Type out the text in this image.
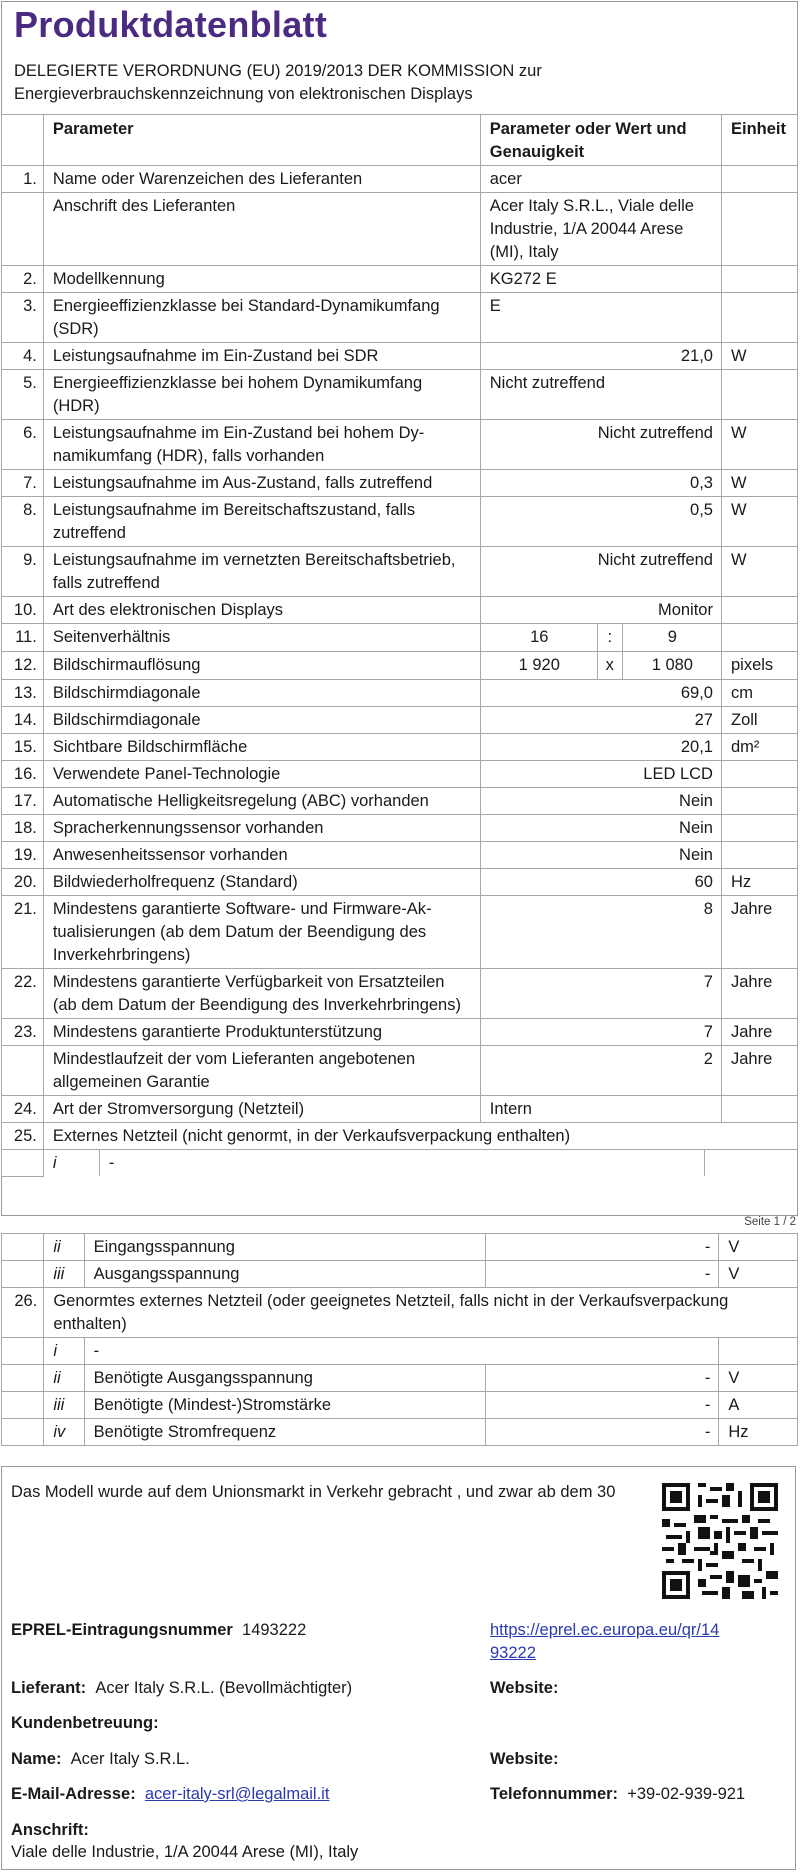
Produktdatenblatt
DELEGIERTE VERORDNUNG (EU) 2019/2013 DER KOMMISSION zur
Energieverbrauchskennzeichnung von elektronischen Displays
	Parameter	Parameter oder Wert und Genauigkeit	Einheit
1.	Name oder Warenzeichen des Lieferanten	acer	
	Anschrift des Lieferanten	Acer Italy S.R.L., Viale delle Industrie, 1/A 20044 Arese (MI), Italy	
2.	Modellkennung	KG272 E	
3.	Energieeffizienzklasse bei Standard-Dynamikumfang (SDR)	E	
4.	Leistungsaufnahme im Ein-Zustand bei SDR	21,0	W
5.	Energieeffizienzklasse bei hohem Dynamikumfang (HDR)	Nicht zutreffend	
6.	Leistungsaufnahme im Ein-Zustand bei hohem Dynamikumfang (HDR), falls vorhanden	Nicht zutreffend	W
7.	Leistungsaufnahme im Aus-Zustand, falls zutreffend	0,3	W
8.	Leistungsaufnahme im Bereitschaftszustand, falls zutreffend	0,5	W
9.	Leistungsaufnahme im vernetzten Bereitschaftsbetrieb, falls zutreffend	Nicht zutreffend	W
10.	Art des elektronischen Displays	Monitor	
11.	Seitenverhältnis	16	:	9	
12.	Bildschirmauflösung	1 920	x	1 080	pixels
13.	Bildschirmdiagonale	69,0	cm
14.	Bildschirmdiagonale	27	Zoll
15.	Sichtbare Bildschirmfläche	20,1	dm²
16.	Verwendete Panel-Technologie	LED LCD	
17.	Automatische Helligkeitsregelung (ABC) vorhanden	Nein	
18.	Spracherkennungssensor vorhanden	Nein	
19.	Anwesenheitssensor vorhanden	Nein	
20.	Bildwiederholfrequenz (Standard)	60	Hz
21.	Mindestens garantierte Software- und Firmware-Aktualisierungen (ab dem Datum der Beendigung des Inverkehrbringens)	8	Jahre
22.	Mindestens garantierte Verfügbarkeit von Ersatzteilen (ab dem Datum der Beendigung des Inverkehrbringens)	7	Jahre
23.	Mindestens garantierte Produktunterstützung	7	Jahre
	Mindestlaufzeit der vom Lieferanten angebotenen allgemeinen Garantie	2	Jahre
24.	Art der Stromversorgung (Netzteil)	Intern	
25.	Externes Netzteil (nicht genormt, in der Verkaufsverpackung enthalten)

i	-	
Seite 1 / 2
	ii	Eingangsspannung	-	V
	iii	Ausgangsspannung	-	V
26.	Genormtes externes Netzteil (oder geeignetes Netzteil, falls nicht in der Verkaufsverpackung enthalten)			
	i	-		
	ii	Benötigte Ausgangsspannung	-	V
	iii	Benötigte (Mindest-)Stromstärke	-	A
	iv	Benötigte Stromfrequenz	-	Hz
Das Modell wurde auf dem Unionsmarkt in Verkehr gebracht , und zwar ab dem 30
EPREL-Eintragungsnummer 1493222	https://eprel.ec.europa.eu/qr/14
93222
Lieferant: Acer Italy S.R.L. (Bevollmächtigter)	Website:
Kundenbetreuung:
Name: Acer Italy S.R.L.	Website:
E-Mail-Adresse: acer-italy-srl@legalmail.it	Telefonnummer: +39-02-939-921
Anschrift:
Viale delle Industrie, 1/A 20044 Arese (MI), Italy
